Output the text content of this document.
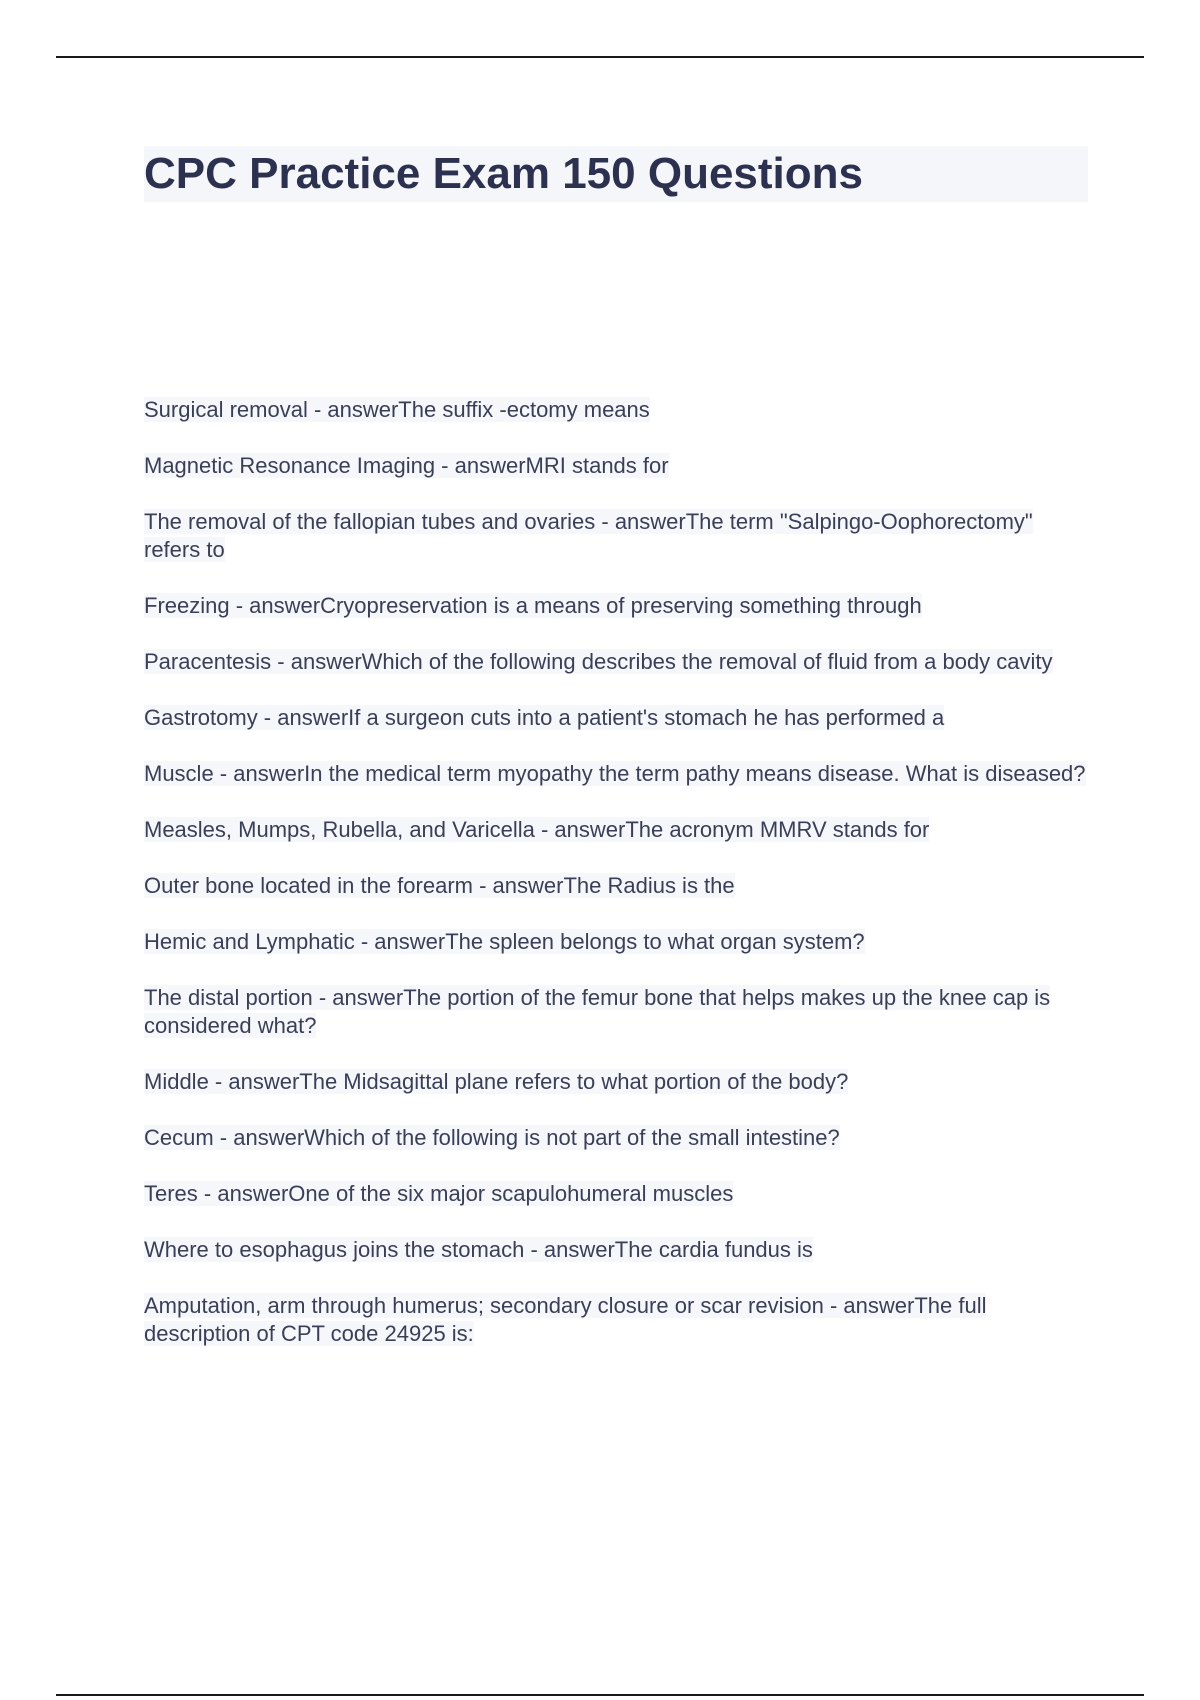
CPC Practice Exam 150 Questions
Surgical removal - answerThe suffix -ectomy means
Magnetic Resonance Imaging - answerMRI stands for
The removal of the fallopian tubes and ovaries - answerThe term "Salpingo-Oophorectomy" refers to
Freezing - answerCryopreservation is a means of preserving something through
Paracentesis - answerWhich of the following describes the removal of fluid from a body cavity
Gastrotomy - answerIf a surgeon cuts into a patient's stomach he has performed a
Muscle - answerIn the medical term myopathy the term pathy means disease. What is diseased?
Measles, Mumps, Rubella, and Varicella - answerThe acronym MMRV stands for
Outer bone located in the forearm - answerThe Radius is the
Hemic and Lymphatic - answerThe spleen belongs to what organ system?
The distal portion - answerThe portion of the femur bone that helps makes up the knee cap is considered what?
Middle - answerThe Midsagittal plane refers to what portion of the body?
Cecum - answerWhich of the following is not part of the small intestine?
Teres - answerOne of the six major scapulohumeral muscles
Where to esophagus joins the stomach - answerThe cardia fundus is
Amputation, arm through humerus; secondary closure or scar revision - answerThe full description of CPT code 24925 is:
